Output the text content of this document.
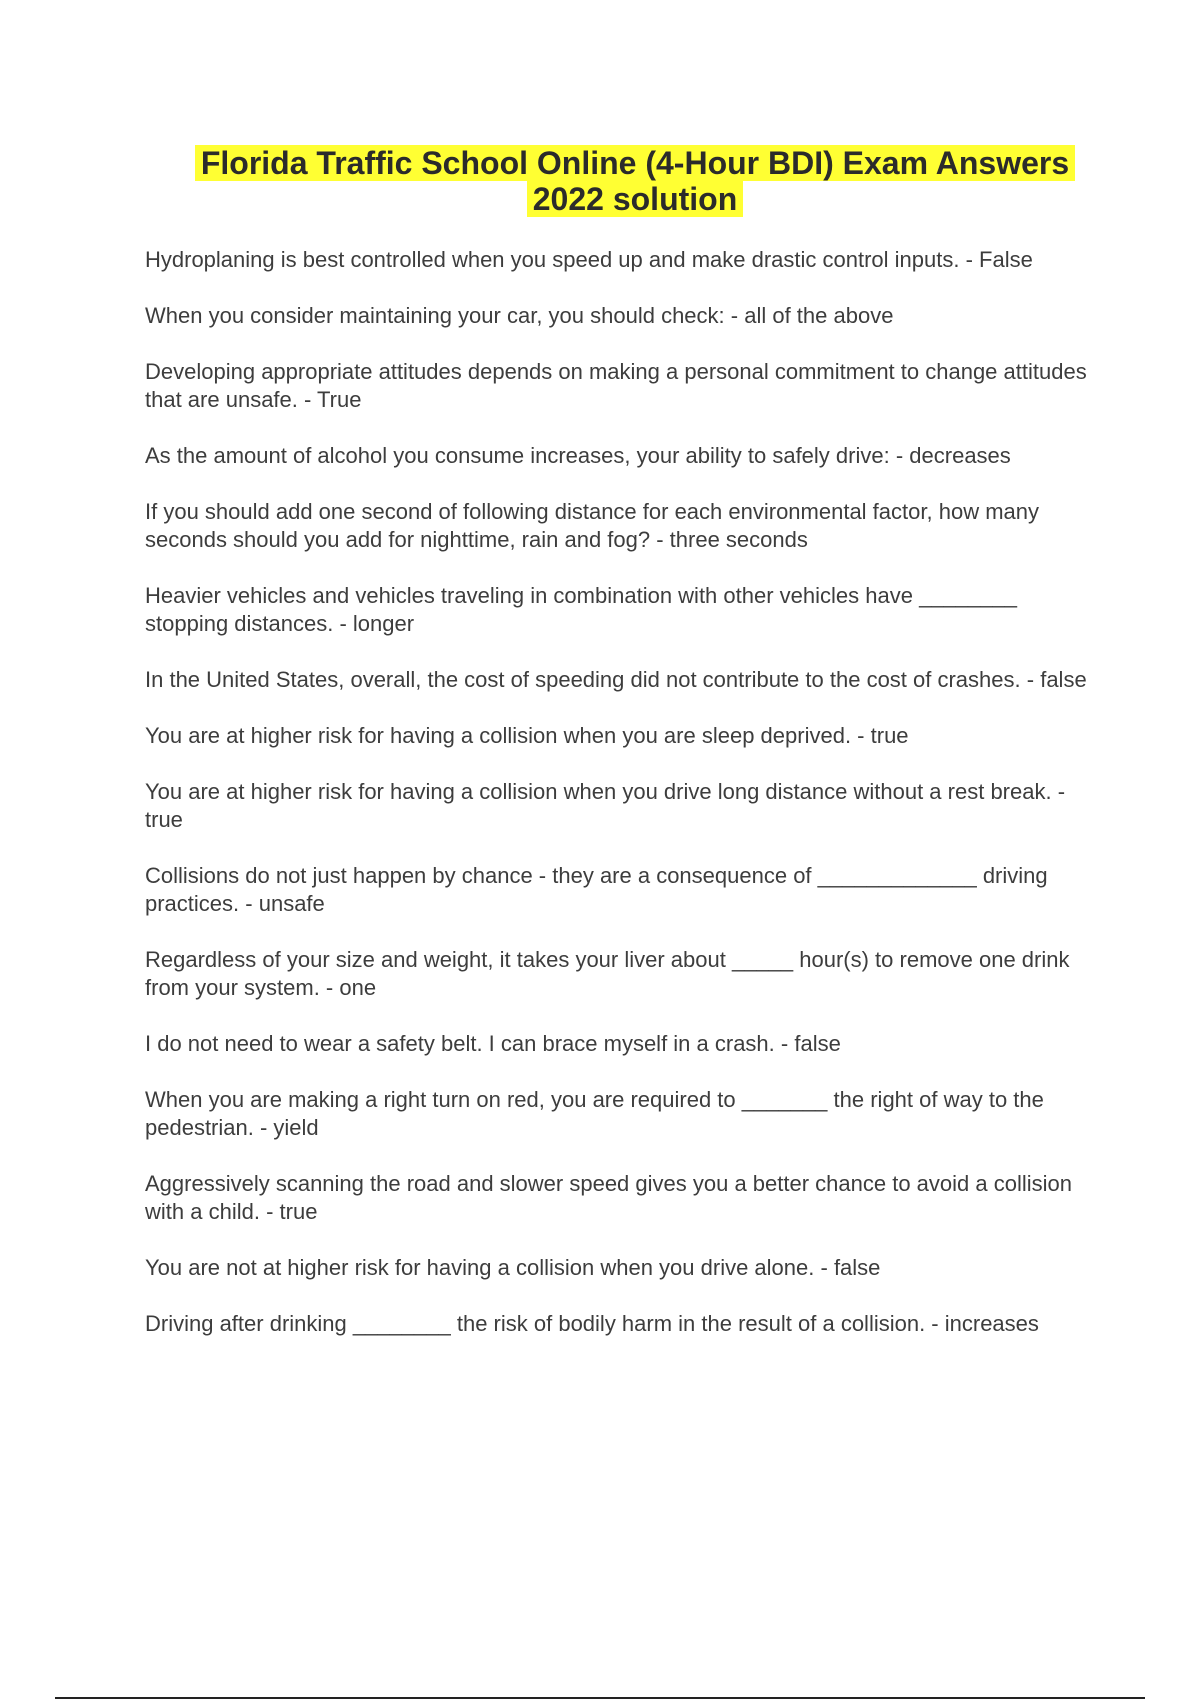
Florida Traffic School Online (4-Hour BDI) Exam Answers
2022 solution
Hydroplaning is best controlled when you speed up and make drastic control inputs. - False
When you consider maintaining your car, you should check: - all of the above
Developing appropriate attitudes depends on making a personal commitment to change attitudes that are unsafe. - True
As the amount of alcohol you consume increases, your ability to safely drive: - decreases
If you should add one second of following distance for each environmental factor, how many seconds should you add for nighttime, rain and fog? - three seconds
Heavier vehicles and vehicles traveling in combination with other vehicles have ________ stopping distances. - longer
In the United States, overall, the cost of speeding did not contribute to the cost of crashes. - false
You are at higher risk for having a collision when you are sleep deprived. - true
You are at higher risk for having a collision when you drive long distance without a rest break. - true
Collisions do not just happen by chance - they are a consequence of _____________ driving practices. - unsafe
Regardless of your size and weight, it takes your liver about _____ hour(s) to remove one drink from your system. - one
I do not need to wear a safety belt. I can brace myself in a crash. - false
When you are making a right turn on red, you are required to _______ the right of way to the pedestrian. - yield
Aggressively scanning the road and slower speed gives you a better chance to avoid a collision with a child. - true
You are not at higher risk for having a collision when you drive alone. - false
Driving after drinking ________ the risk of bodily harm in the result of a collision. - increases
